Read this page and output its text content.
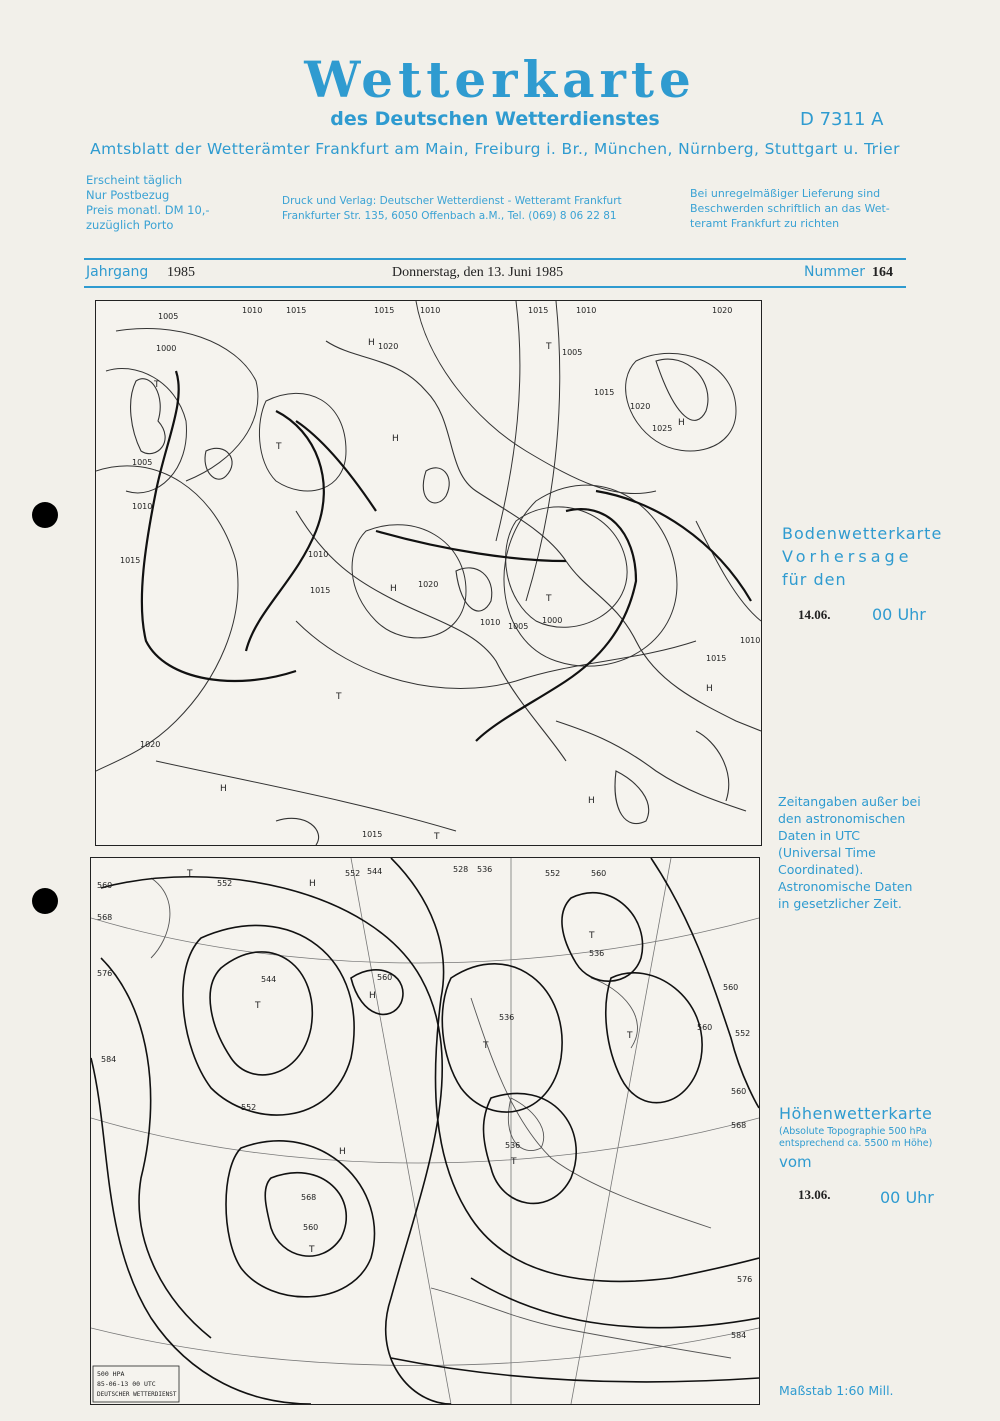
Wetterkarte
des Deutschen Wetterdienstes	D 7311 A
Amtsblatt der Wetterämter Frankfurt am Main, Freiburg i. Br., München, Nürnberg, Stuttgart u. Trier
Erscheint täglich
Nur Postbezug
Preis monatl. DM 10,-
zuzüglich Porto
Druck und Verlag: Deutscher Wetterdienst - Wetteramt Frankfurt
Frankfurter Str. 135, 6050 Offenbach a.M., Tel. (069) 8 06 22 81
Bei unregelmäßiger Lieferung sind
Beschwerden schriftlich an das Wet-
teramt Frankfurt zu richten
Jahrgang 1985	Donnerstag, den 13. Juni 1985	Nummer 164
1005
1000
1005
1010
1015
1010	1015	1015	1010
1020
1010
1015	1020
1005
1015
1025
1020
1010 1005
1000
1020
1015
1010
1015
1010
1015
1020
T
T
H
H
H
T
T
H
H
H
T
H
T
Bodenwetterkarte
Vorhersage
für den
14.06.	00 Uhr
Zeitangaben außer bei
den astronomischen
Daten in UTC
(Universal Time
Coordinated).
Astronomische Daten
in gesetzlicher Zeit.
560	552
544
552	528 536	552	560
568
576
544	560
536
584
552
536
560
560
552
560
568
536
568
560
576
584
T
H
T
T
H
T
T
H
T
T
500 HPA
85-06-13 00 UTC
DEUTSCHER WETTERDIENST
Höhenwetterkarte
(Absolute Topographie 500 hPa
entsprechend ca. 5500 m Höhe)
vom
13.06.	00 Uhr
Maßstab 1:60 Mill.
